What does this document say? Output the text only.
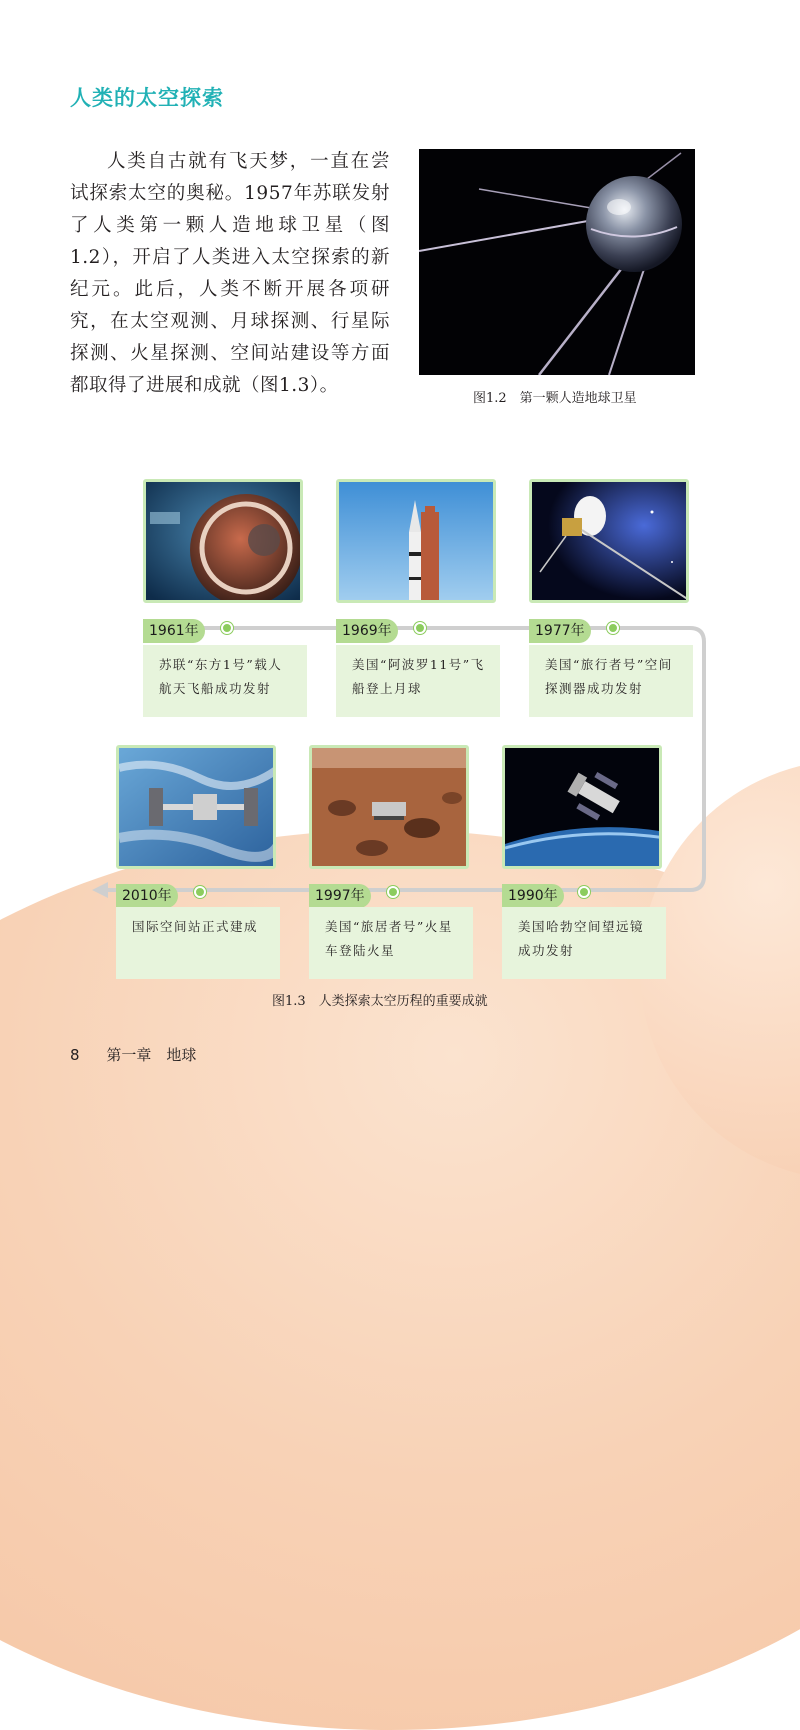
人类的太空探索

人类自古就有飞天梦，一直在尝试探索太空的奥秘。1957年苏联发射了人类第一颗人造地球卫星（图1.2），开启了人类进入太空探索的新纪元。此后，人类不断开展各项研究，在太空观测、月球探测、行星际探测、火星探测、空间站建设等方面都取得了进展和成就（图1.3）。

图1.2　第一颗人造地球卫星
1961年
苏联“东方1号”载人航天飞船成功发射
1969年
美国“阿波罗11号”飞船登上月球
1977年
美国“旅行者号”空间探测器成功发射
2010年
国际空间站正式建成
1997年
美国“旅居者号”火星车登陆火星
1990年
美国哈勃空间望远镜成功发射
图1.3　人类探索太空历程的重要成就
8 第一章　地球
